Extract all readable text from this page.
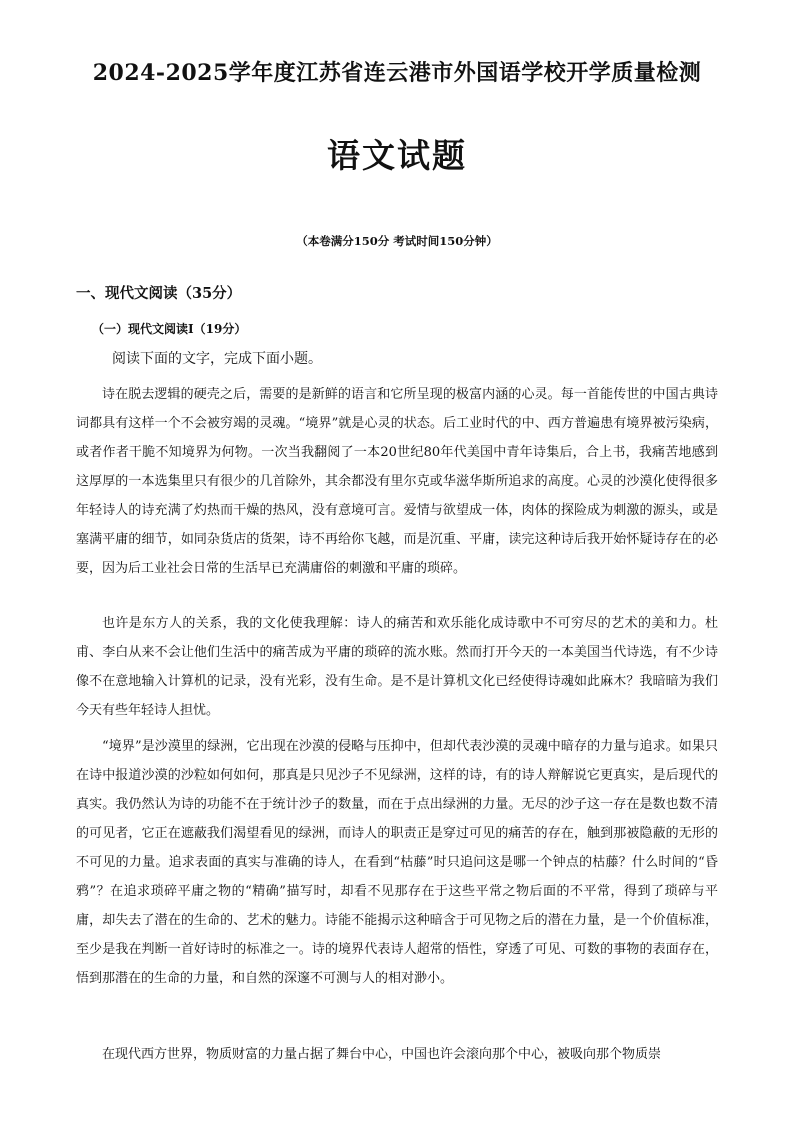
2024-2025学年度江苏省连云港市外国语学校开学质量检测
语文试题
（本卷满分150分 考试时间150分钟）
一、现代文阅读（35分）
（一）现代文阅读I（19分）
阅读下面的文字，完成下面小题。

诗在脱去逻辑的硬壳之后，需要的是新鲜的语言和它所呈现的极富内涵的心灵。每一首能传世的中国古典诗词都具有这样一个不会被穷竭的灵魂。“境界”就是心灵的状态。后工业时代的中、西方普遍患有境界被污染病，或者作者干脆不知境界为何物。一次当我翻阅了一本20世纪80年代美国中青年诗集后，合上书，我痛苦地感到这厚厚的一本选集里只有很少的几首除外，其余都没有里尔克或华滋华斯所追求的高度。心灵的沙漠化使得很多年轻诗人的诗充满了灼热而干燥的热风，没有意境可言。爱情与欲望成一体，肉体的探险成为刺激的源头，或是塞满平庸的细节，如同杂货店的货架，诗不再给你飞越，而是沉重、平庸，读完这种诗后我开始怀疑诗存在的必要，因为后工业社会日常的生活早已充满庸俗的刺激和平庸的琐碎。

也许是东方人的关系，我的文化使我理解：诗人的痛苦和欢乐能化成诗歌中不可穷尽的艺术的美和力。杜甫、李白从来不会让他们生活中的痛苦成为平庸的琐碎的流水账。然而打开今天的一本美国当代诗选，有不少诗像不在意地输入计算机的记录，没有光彩，没有生命。是不是计算机文化已经使得诗魂如此麻木？我暗暗为我们今天有些年轻诗人担忧。

“境界”是沙漠里的绿洲，它出现在沙漠的侵略与压抑中，但却代表沙漠的灵魂中暗存的力量与追求。如果只在诗中报道沙漠的沙粒如何如何，那真是只见沙子不见绿洲，这样的诗，有的诗人辩解说它更真实，是后现代的真实。我仍然认为诗的功能不在于统计沙子的数量，而在于点出绿洲的力量。无尽的沙子这一存在是数也数不清的可见者，它正在遮蔽我们渴望看见的绿洲，而诗人的职责正是穿过可见的痛苦的存在，触到那被隐蔽的无形的不可见的力量。追求表面的真实与准确的诗人，在看到“枯藤”时只追问这是哪一个钟点的枯藤？什么时间的“昏鸦”？在追求琐碎平庸之物的“精确”描写时，却看不见那存在于这些平常之物后面的不平常，得到了琐碎与平庸，却失去了潜在的生命的、艺术的魅力。诗能不能揭示这种暗含于可见物之后的潜在力量，是一个价值标准，至少是我在判断一首好诗时的标准之一。诗的境界代表诗人超常的悟性，穿透了可见、可数的事物的表面存在，悟到那潜在的生命的力量，和自然的深邃不可测与人的相对渺小。

在现代西方世界，物质财富的力量占据了舞台中心，中国也许会滚向那个中心，被吸向那个物质崇
